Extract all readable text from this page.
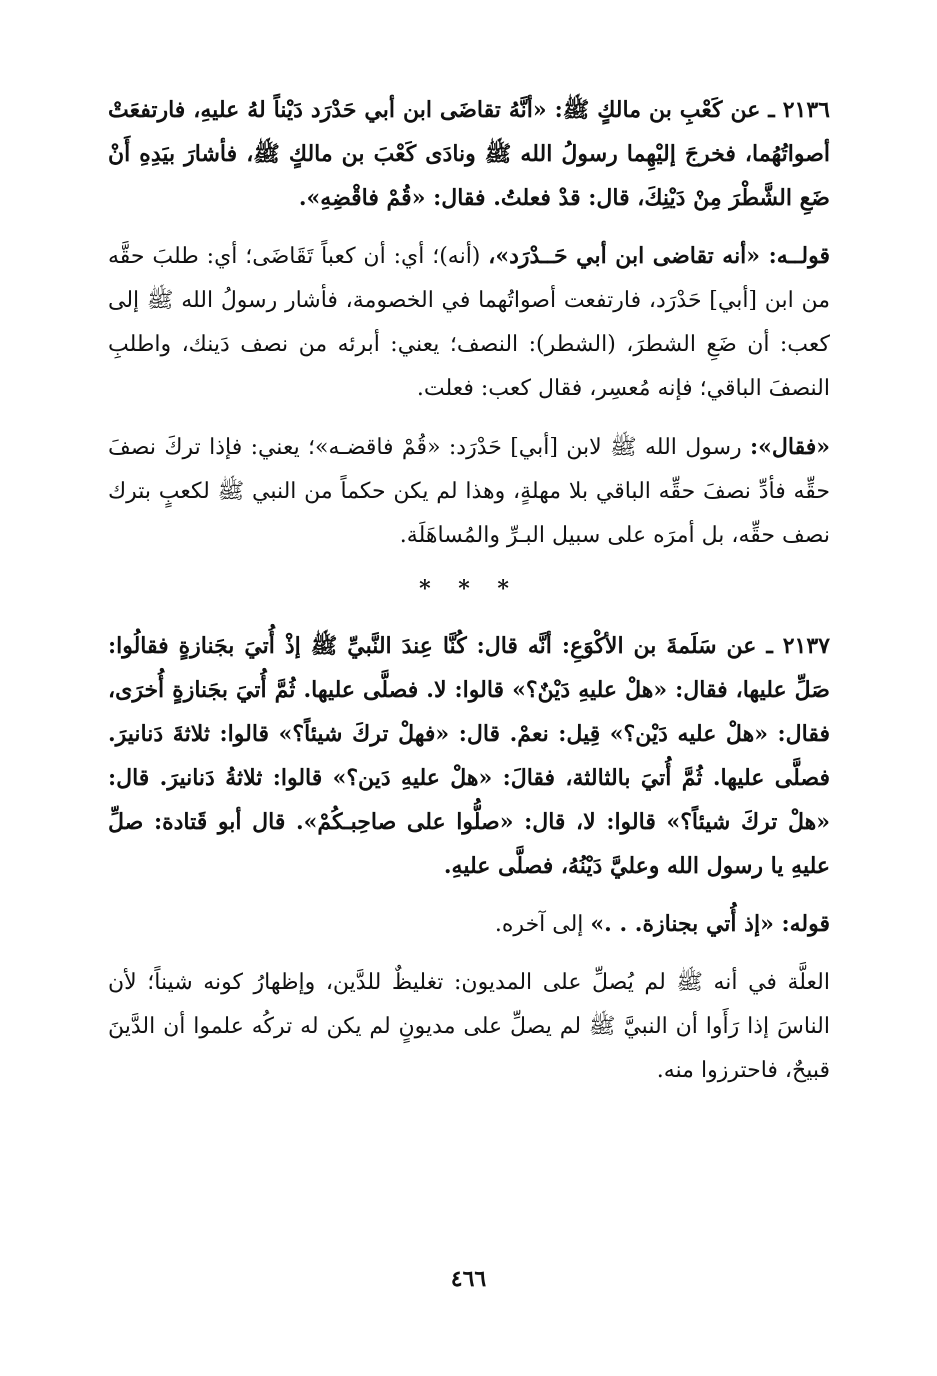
٢١٣٦ ـ عن كَعْبِ بن مالكٍ ﷺ: «أنَّهُ تقاضَى ابن أبي حَدْرَد دَيْناً لهُ عليهِ، فارتفعَتْ أصواتُهُما، فخرجَ إليْهِما رسولُ الله ﷺ ونادَى كَعْبَ بن مالكٍ ﷺ، فأشارَ بيَدِهِ أَنْ ضَعِ الشَّطْرَ مِنْ دَيْنِكَ، قال: قدْ فعلتُ. فقال: «قُمْ فاقْضِهِ».

قولــه: «أنه تقاضى ابن أبي حَــدْرَد»، (أنه)؛ أي: أن كعباً تَقَاضَى؛ أي: طلبَ حقَّه من ابن [أبي] حَدْرَد، فارتفعت أصواتُهما في الخصومة، فأشار رسولُ الله ﷺ إلى كعب: أن ضَعِ الشطرَ، (الشطر): النصف؛ يعني: أبرئه من نصف دَينك، واطلبِ النصفَ الباقي؛ فإنه مُعسِر، فقال كعب: فعلت.

«فقال»: رسول الله ﷺ لابن [أبي] حَدْرَد: «قُمْ فاقضـه»؛ يعني: فإذا تركَ نصفَ حقِّه فأدِّ نصفَ حقِّه الباقي بلا مهلةٍ، وهذا لم يكن حكماً من النبي ﷺ لكعبٍ بترك نصف حقِّه، بل أمرَه على سبيل البـرِّ والمُساهَلَة.

* * *

٢١٣٧ ـ عن سَلَمةَ بن الأكْوَعِ: أنَّه قال: كُنَّا عِندَ النَّبيِّ ﷺ إذْ أُتيَ بجَنازةٍ فقالُوا: صَلِّ عليها، فقال: «هلْ عليهِ دَيْنٌ؟» قالوا: لا. فصلَّى عليها. ثُمَّ أُتيَ بجَنازةٍ أُخرَى، فقال: «هلْ عليه دَيْن؟» قِيل: نعمْ. قال: «فهلْ تركَ شيئاً؟» قالوا: ثلاثةَ دَنانيرَ. فصلَّى عليها. ثُمَّ أُتيَ بالثالثة، فقالَ: «هلْ عليهِ دَين؟» قالوا: ثلاثةُ دَنانيرَ. قال: «هلْ تركَ شيئاً؟» قالوا: لا، قال: «صلُّوا على صاحِبـكُمْ». قال أبو قَتادة: صلِّ عليهِ يا رسول الله وعليَّ دَيْنُهُ، فصلَّى عليهِ.

قوله: «إذ أُتي بجنازة. . .» إلى آخره.

العلَّة في أنه ﷺ لم يُصلِّ على المديون: تغليظٌ للدَّين، وإظهارُ كونه شيناً؛ لأن الناسَ إذا رَأَوا أن النبيَّ ﷺ لم يصلِّ على مديونٍ لم يكن له تركُه علموا أن الدَّينَ قبيحٌ، فاحترزوا منه.

٤٦٦
